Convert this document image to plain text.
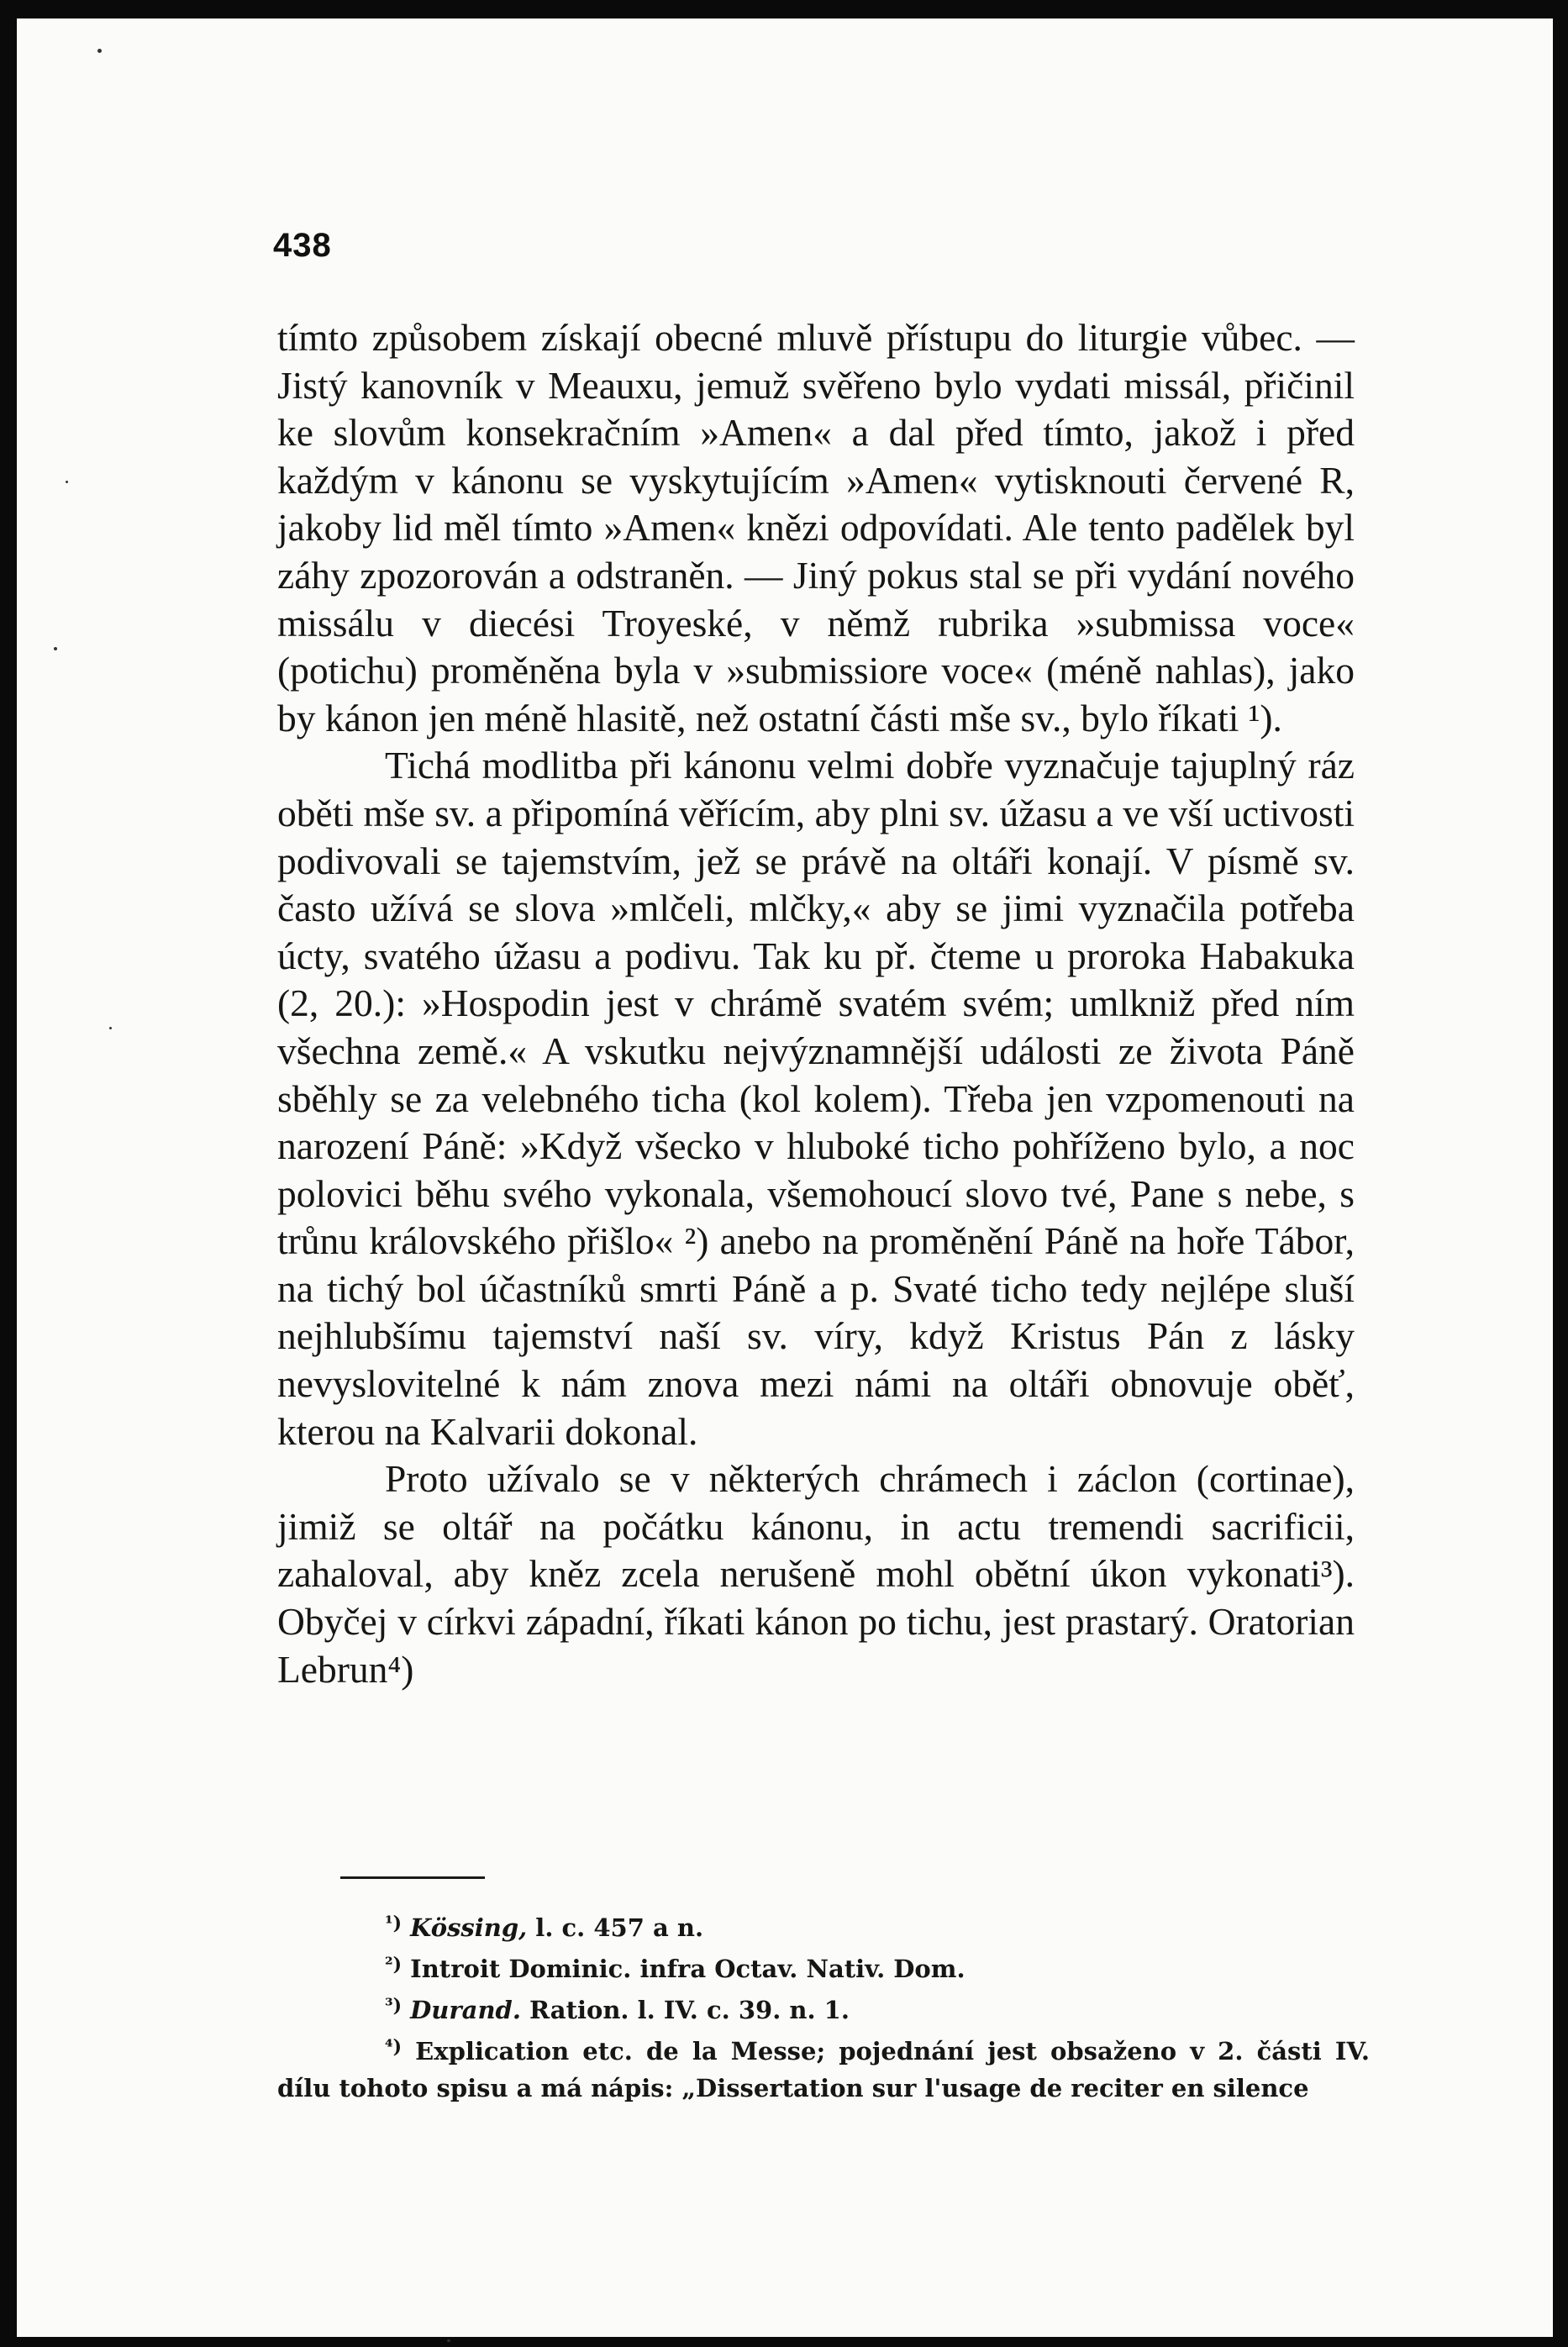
438

tímto způsobem získají obecné mluvě přístupu do liturgie vůbec. — Jistý kanovník v Meauxu, jemuž svěřeno bylo vydati missál, přičinil ke slovům konsekračním »Amen« a dal před tímto, jakož i před každým v kánonu se vyskytujícím »Amen« vytisknouti červené R, jakoby lid měl tímto »Amen« knězi odpovídati. Ale tento padělek byl záhy zpozorován a odstraněn. — Jiný pokus stal se při vydání nového missálu v diecési Troyeské, v němž rubrika »submissa voce« (potichu) proměněna byla v »submissiore voce« (méně nahlas), jako by kánon jen méně hlasitě, než ostatní části mše sv., bylo říkati ¹).

Tichá modlitba při kánonu velmi dobře vyznačuje tajuplný ráz oběti mše sv. a připomíná věřícím, aby plni sv. úžasu a ve vší uctivosti podivovali se tajemstvím, jež se právě na oltáři konají. V písmě sv. často užívá se slova »mlčeli, mlčky,« aby se jimi vyznačila potřeba úcty, svatého úžasu a podivu. Tak ku př. čteme u proroka Habakuka (2, 20.): »Hospodin jest v chrámě svatém svém; umlkniž před ním všechna země.« A vskutku nejvýznamnější události ze života Páně sběhly se za velebného ticha (kol kolem). Třeba jen vzpomenouti na narození Páně: »Když všecko v hluboké ticho pohříženo bylo, a noc polovici běhu svého vykonala, všemohoucí slovo tvé, Pane s nebe, s trůnu královského přišlo« ²) anebo na proměnění Páně na hoře Tábor, na tichý bol účastníků smrti Páně a p. Svaté ticho tedy nejlépe sluší nejhlubšímu tajemství naší sv. víry, když Kristus Pán z lásky nevyslovitelné k nám znova mezi námi na oltáři obnovuje oběť, kterou na Kalvarii dokonal.

Proto užívalo se v některých chrámech i záclon (cortinae), jimiž se oltář na počátku kánonu, in actu tremendi sacrificii, zahaloval, aby kněz zcela nerušeně mohl obětní úkon vykonati³). Obyčej v církvi západní, říkati kánon po tichu, jest prastarý. Oratorian Lebrun⁴)

$^{^1)}$ Kössing, l. c. 457 a n.

$^{^2)}$ Introit Dominic. infra Octav. Nativ. Dom.

$^{^3)}$ Durand. Ration. l. IV. c. 39. n. 1.

$^{^4)}$ Explication etc. de la Messe; pojednání jest obsaženo v 2. části IV. dílu tohoto spisu a má nápis: „Dissertation sur l'usage de reciter en silence
